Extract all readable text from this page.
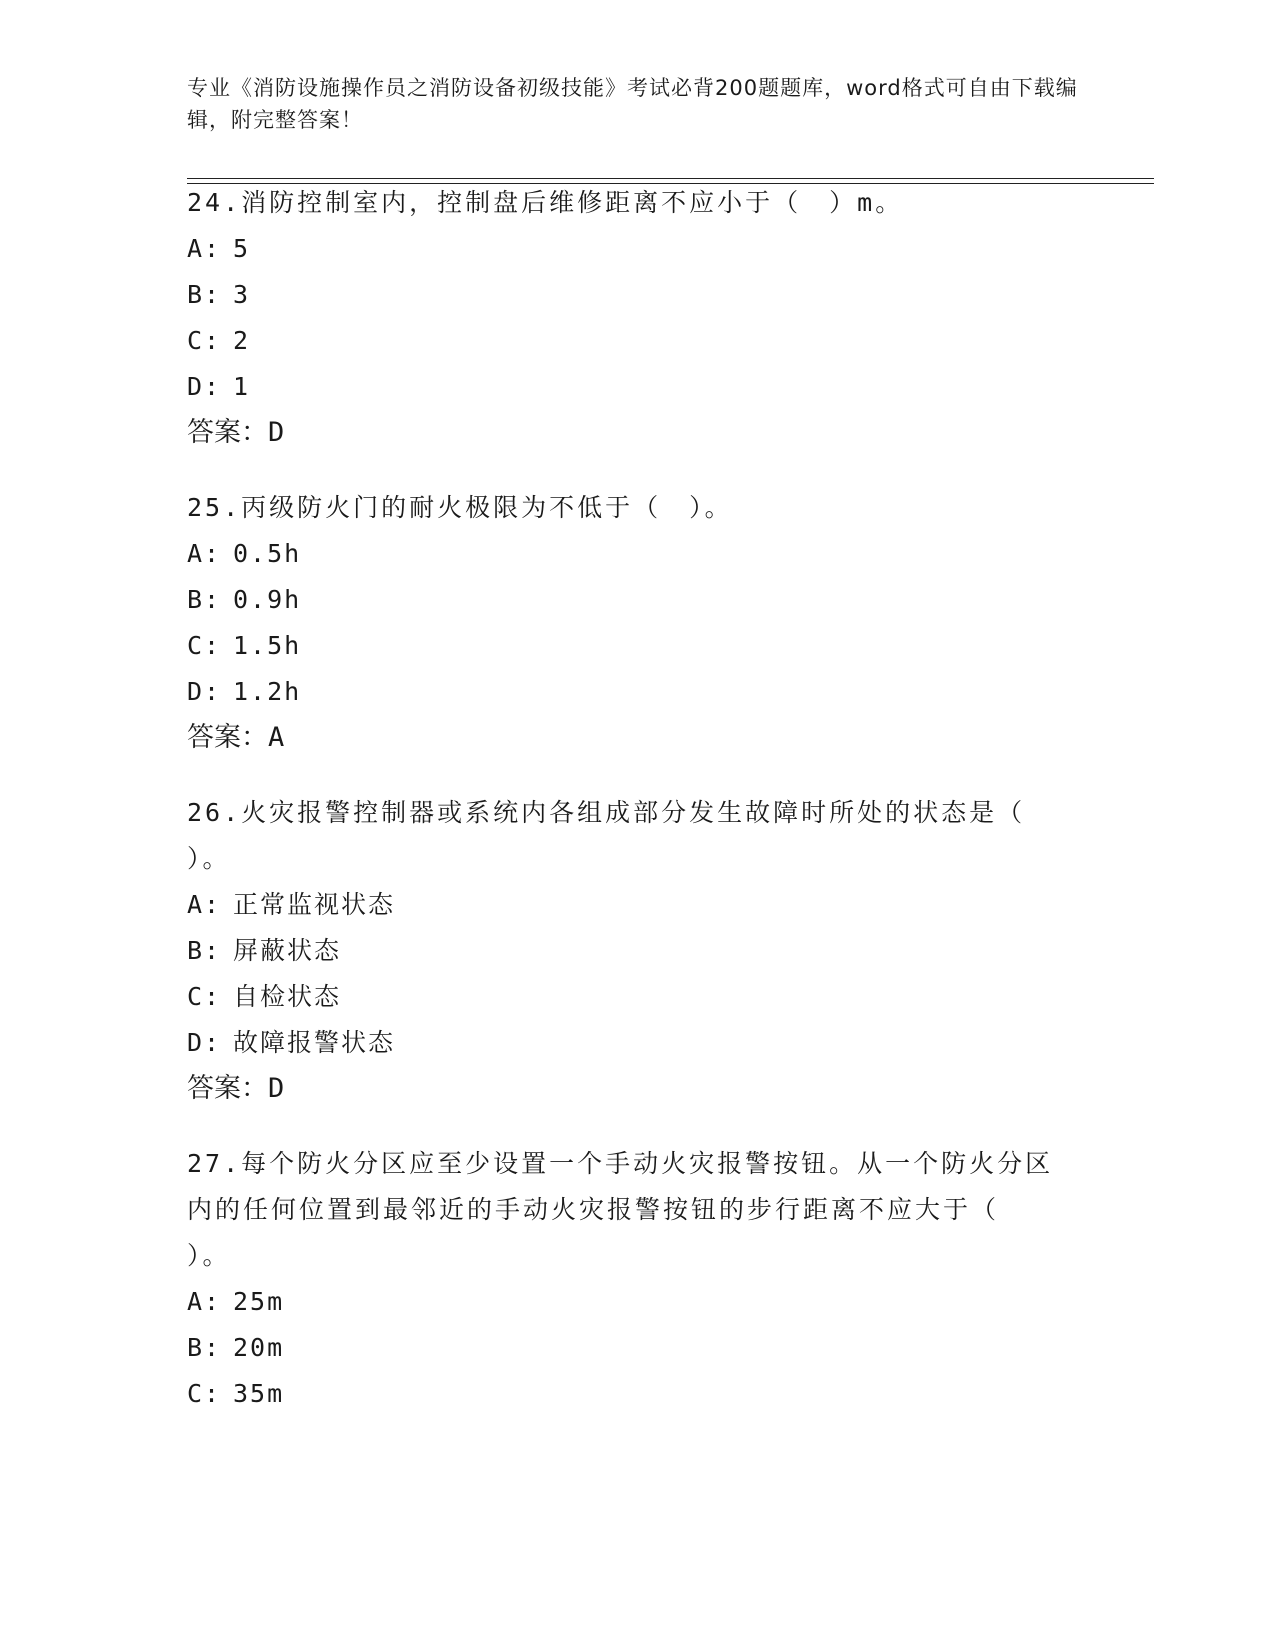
专业《消防设施操作员之消防设备初级技能》考试必背200题题库，word格式可自由下载编辑，附完整答案！

24.消防控制室内，控制盘后维修距离不应小于（　）m。

A: 5

B: 3

C: 2

D: 1

答案：D

25.丙级防火门的耐火极限为不低于（　）。

A: 0.5h

B: 0.9h

C: 1.5h

D: 1.2h

答案：A

26.火灾报警控制器或系统内各组成部分发生故障时所处的状态是（

）。

A: 正常监视状态

B: 屏蔽状态

C: 自检状态

D: 故障报警状态

答案：D

27.每个防火分区应至少设置一个手动火灾报警按钮。从一个防火分区

内的任何位置到最邻近的手动火灾报警按钮的步行距离不应大于（

）。

A: 25m

B: 20m

C: 35m
